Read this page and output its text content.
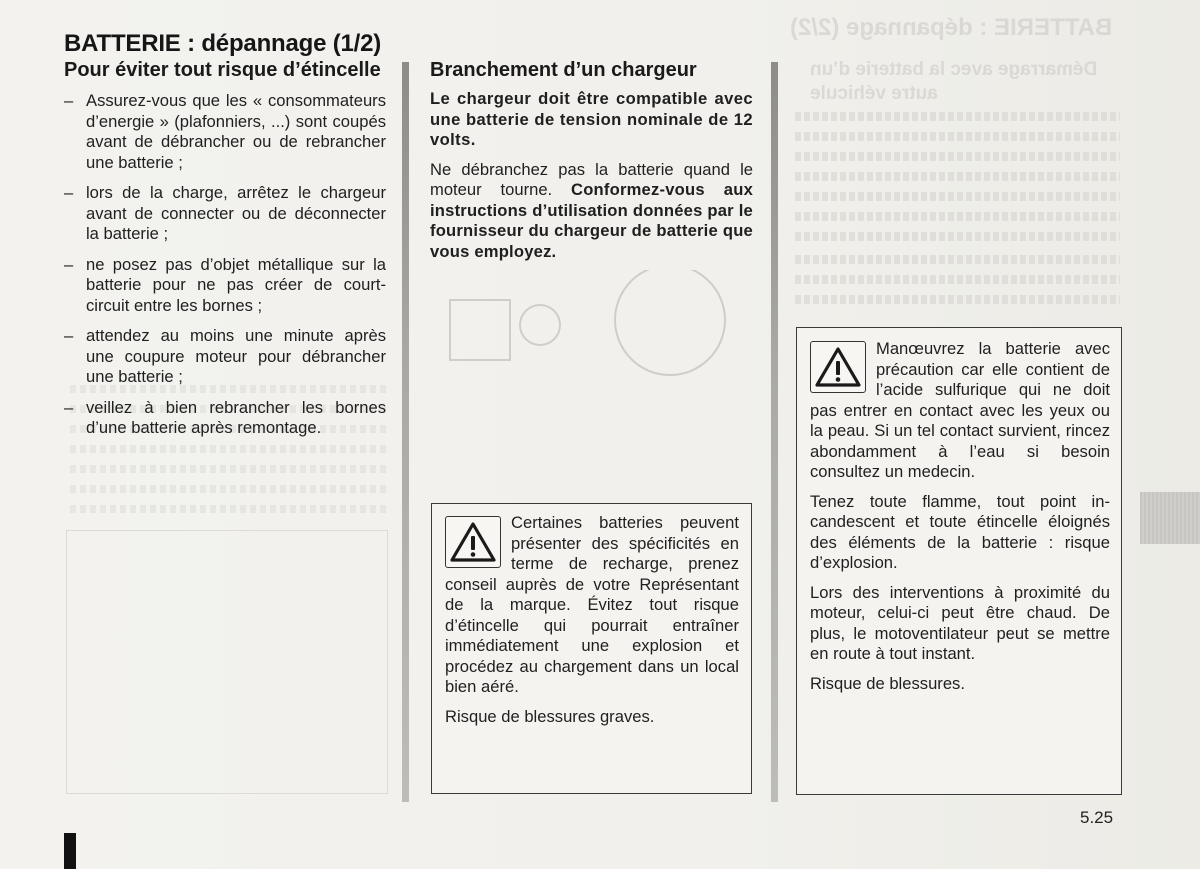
BATTERIE : dépannage (2/2)
Démarrage avec la batterie d’un autre véhicule
BATTERIE : dépannage (1/2)
Pour éviter tout risque d’étincelle
– Assurez-vous que les « consommateurs d’energie » (plafonniers, ...) sont coupés avant de débrancher ou de rebrancher une batterie ;
– lors de la charge, arrêtez le chargeur avant de connecter ou de déconnecter la batterie ;
– ne posez pas d’objet métallique sur la batterie pour ne pas créer de court-circuit entre les bornes ;
– attendez au moins une minute après une coupure moteur pour débrancher une batterie ;
– veillez à bien rebrancher les bornes d’une batterie après remontage.
Branchement d’un chargeur

Le chargeur doit être compatible avec une batterie de tension nominale de 12 volts.

Ne débranchez pas la batterie quand le moteur tourne. Conformez-vous aux instructions d’utilisation données par le fournisseur du chargeur de batterie que vous employez.

Certaines batteries peuvent présenter des spécificités en terme de recharge, prenez conseil auprès de votre Représentant de la marque. Évitez tout risque d’étincelle qui pourrait entraîner immédiatement une explosion et procédez au chargement dans un local bien aéré.

Risque de blessures graves.

Manœuvrez la batterie avec précaution car elle contient de l’acide sulfurique qui ne doit pas entrer en contact avec les yeux ou la peau. Si un tel contact survient, rincez abondamment à l’eau si besoin consultez un medecin.

Tenez toute flamme, tout point incandescent et toute étincelle éloignés des éléments de la batterie : risque d’explosion.

Lors des interventions à proximité du moteur, celui-ci peut être chaud. De plus, le motoventilateur peut se mettre en route à tout instant.

Risque de blessures.

5.25
